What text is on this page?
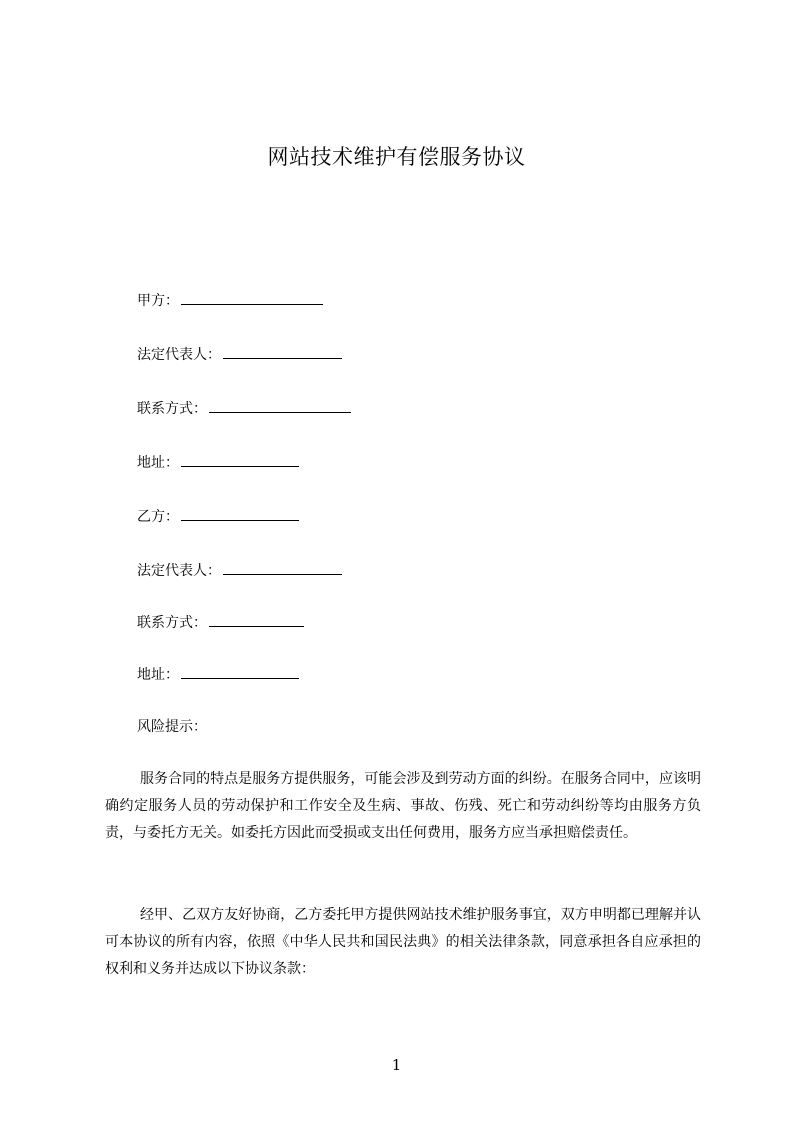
网站技术维护有偿服务协议
甲方：
法定代表人：
联系方式：
地址：
乙方：
法定代表人：
联系方式：
地址：
风险提示：
服务合同的特点是服务方提供服务，可能会涉及到劳动方面的纠纷。在服务合同中，应该明确约定服务人员的劳动保护和工作安全及生病、事故、伤残、死亡和劳动纠纷等均由服务方负责，与委托方无关。如委托方因此而受损或支出任何费用，服务方应当承担赔偿责任。
经甲、乙双方友好协商，乙方委托甲方提供网站技术维护服务事宜，双方申明都已理解并认可本协议的所有内容，依照《中华人民共和国民法典》的相关法律条款，同意承担各自应承担的权利和义务并达成以下协议条款：
1
